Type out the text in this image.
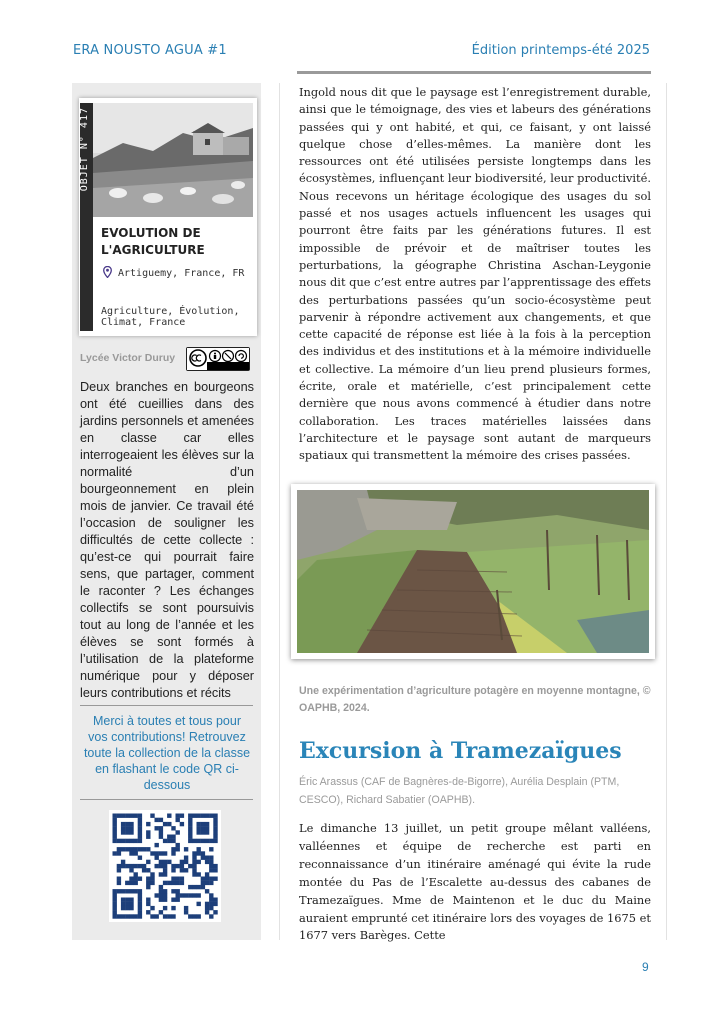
ERA NOUSTO AGUA #1	Édition printemps-été 2025
OBJET N° 417
EVOLUTION DE L'AGRICULTURE
Artiguemy, France, FR
Agriculture, Évolution, Climat, France
Lycée Victor Duruy
Deux branches en bourgeons ont été cueillies dans des jardins personnels et amenées en classe car elles interrogeaient les élèves sur la normalité d’un bourgeonnement en plein mois de janvier. Ce travail été l’occasion de souligner les difficultés de cette collecte : qu’est-ce qui pourrait faire sens, que partager, comment le raconter ? Les échanges collectifs se sont poursuivis tout au long de l’année et les élèves se sont formés à l’utilisation de la plateforme numérique pour y déposer leurs contributions et récits
Merci à toutes et tous pour vos contributions! Retrouvez toute la collection de la classe en flashant le code QR ci-dessous
Ingold nous dit que le paysage est l’enregistrement durable, ainsi que le témoignage, des vies et labeurs des générations passées qui y ont habité, et qui, ce faisant, y ont laissé quelque chose d’elles-mêmes. La manière dont les ressources ont été utilisées persiste longtemps dans les écosystèmes, influençant leur biodiversité, leur productivité. Nous recevons un héritage écologique des usages du sol passé et nos usages actuels influencent les usages qui pourront être faits par les générations futures. Il est impossible de prévoir et de maîtriser toutes les perturbations, la géographe Christina Aschan-Leygonie nous dit que c’est entre autres par l’apprentissage des effets des perturbations passées qu’un socio-écosystème peut parvenir à répondre activement aux changements, et que cette capacité de réponse est liée à la fois à la perception des individus et des institutions et à la mémoire individuelle et collective. La mémoire d’un lieu prend plusieurs formes, écrite, orale et matérielle, c’est principalement cette dernière que nous avons commencé à étudier dans notre collaboration. Les traces matérielles laissées dans l’architecture et le paysage sont autant de marqueurs spatiaux qui transmettent la mémoire des crises passées.
Une expérimentation d’agriculture potagère en moyenne montagne, © OAPHB, 2024.
Excursion à Tramezaïgues
Éric Arassus (CAF de Bagnères-de-Bigorre), Aurélia Desplain (PTM, CESCO), Richard Sabatier (OAPHB).
Le dimanche 13 juillet, un petit groupe mêlant valléens, valléennes et équipe de recherche est parti en reconnaissance d’un itinéraire aménagé qui évite la rude montée du Pas de l’Escalette au-dessus des cabanes de Tramezaïgues. Mme de Maintenon et le duc du Maine auraient emprunté cet itinéraire lors des voyages de 1675 et 1677 vers Barèges. Cette
9
